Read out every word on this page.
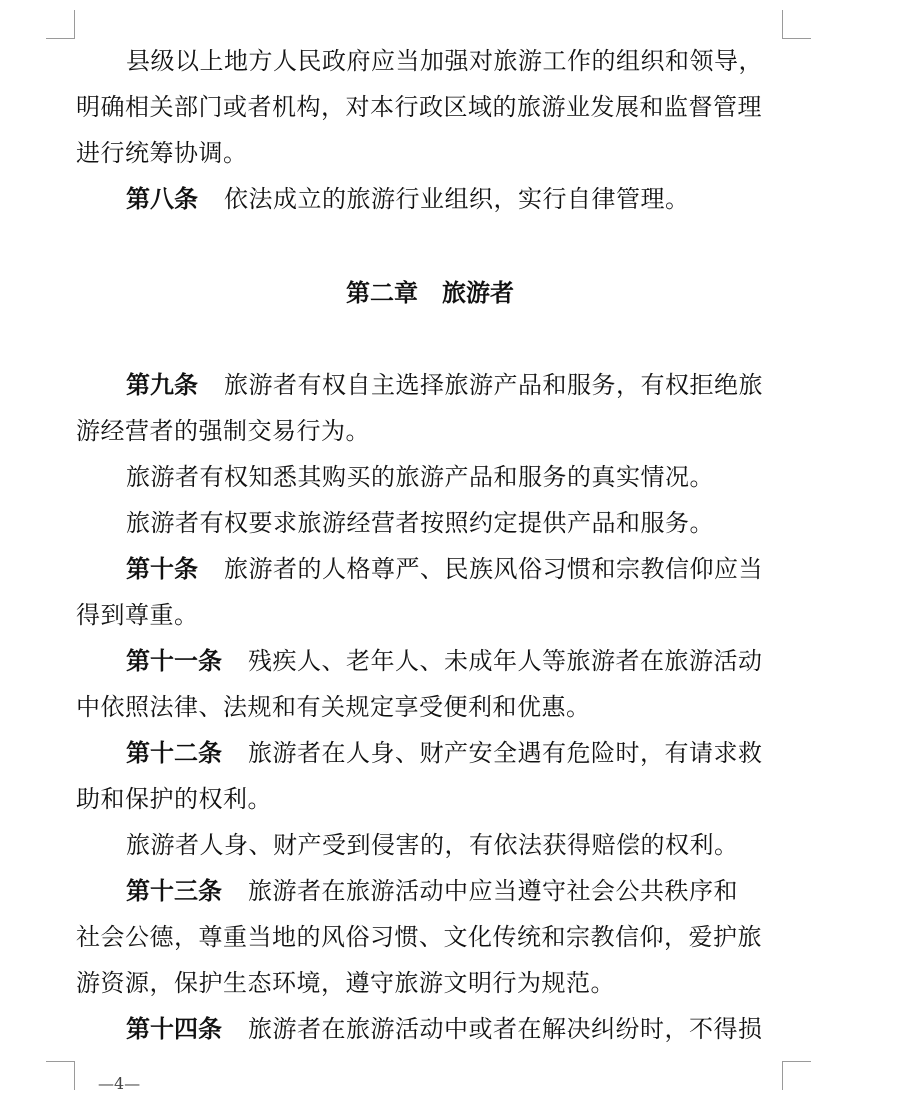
县级以上地方人民政府应当加强对旅游工作的组织和领导，
明确相关部门或者机构，对本行政区域的旅游业发展和监督管理
进行统筹协调。
第八条 依法成立的旅游行业组织，实行自律管理。
第二章　旅游者
第九条 旅游者有权自主选择旅游产品和服务，有权拒绝旅
游经营者的强制交易行为。
旅游者有权知悉其购买的旅游产品和服务的真实情况。
旅游者有权要求旅游经营者按照约定提供产品和服务。
第十条 旅游者的人格尊严、民族风俗习惯和宗教信仰应当
得到尊重。
第十一条 残疾人、老年人、未成年人等旅游者在旅游活动
中依照法律、法规和有关规定享受便利和优惠。
第十二条 旅游者在人身、财产安全遇有危险时，有请求救
助和保护的权利。
旅游者人身、财产受到侵害的，有依法获得赔偿的权利。
第十三条 旅游者在旅游活动中应当遵守社会公共秩序和
社会公德，尊重当地的风俗习惯、文化传统和宗教信仰，爱护旅
游资源，保护生态环境，遵守旅游文明行为规范。
第十四条 旅游者在旅游活动中或者在解决纠纷时，不得损
—4—
